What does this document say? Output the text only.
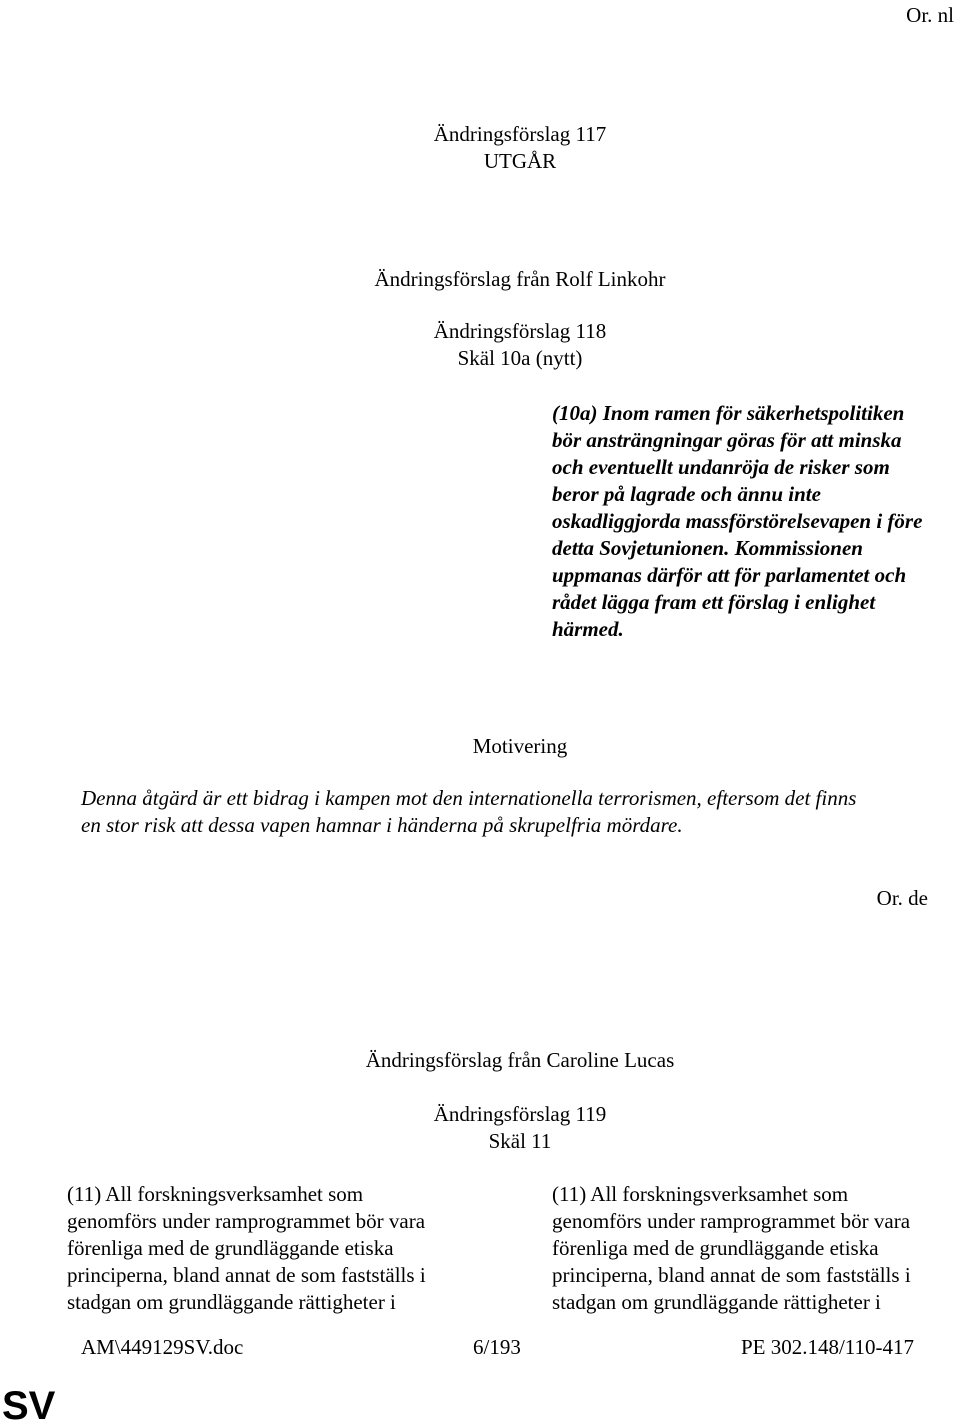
Or. nl
Ändringsförslag 117
UTGÅR
Ändringsförslag från Rolf Linkohr
Ändringsförslag 118
Skäl 10a (nytt)
(10a) Inom ramen för säkerhetspolitiken
bör ansträngningar göras för att minska
och eventuellt undanröja de risker som
beror på lagrade och ännu inte
oskadliggjorda massförstörelsevapen i före
detta Sovjetunionen. Kommissionen
uppmanas därför att för parlamentet och
rådet lägga fram ett förslag i enlighet
härmed.
Motivering
Denna åtgärd är ett bidrag i kampen mot den internationella terrorismen, eftersom det finns
en stor risk att dessa vapen hamnar i händerna på skrupelfria mördare.
Or. de
Ändringsförslag från Caroline Lucas
Ändringsförslag 119
Skäl 11
(11) All forskningsverksamhet som
genomförs under ramprogrammet bör vara
förenliga med de grundläggande etiska
principerna, bland annat de som fastställs i
stadgan om grundläggande rättigheter i
(11) All forskningsverksamhet som
genomförs under ramprogrammet bör vara
förenliga med de grundläggande etiska
principerna, bland annat de som fastställs i
stadgan om grundläggande rättigheter i
AM\449129SV.doc	6/193	PE 302.148/110-417
SV
